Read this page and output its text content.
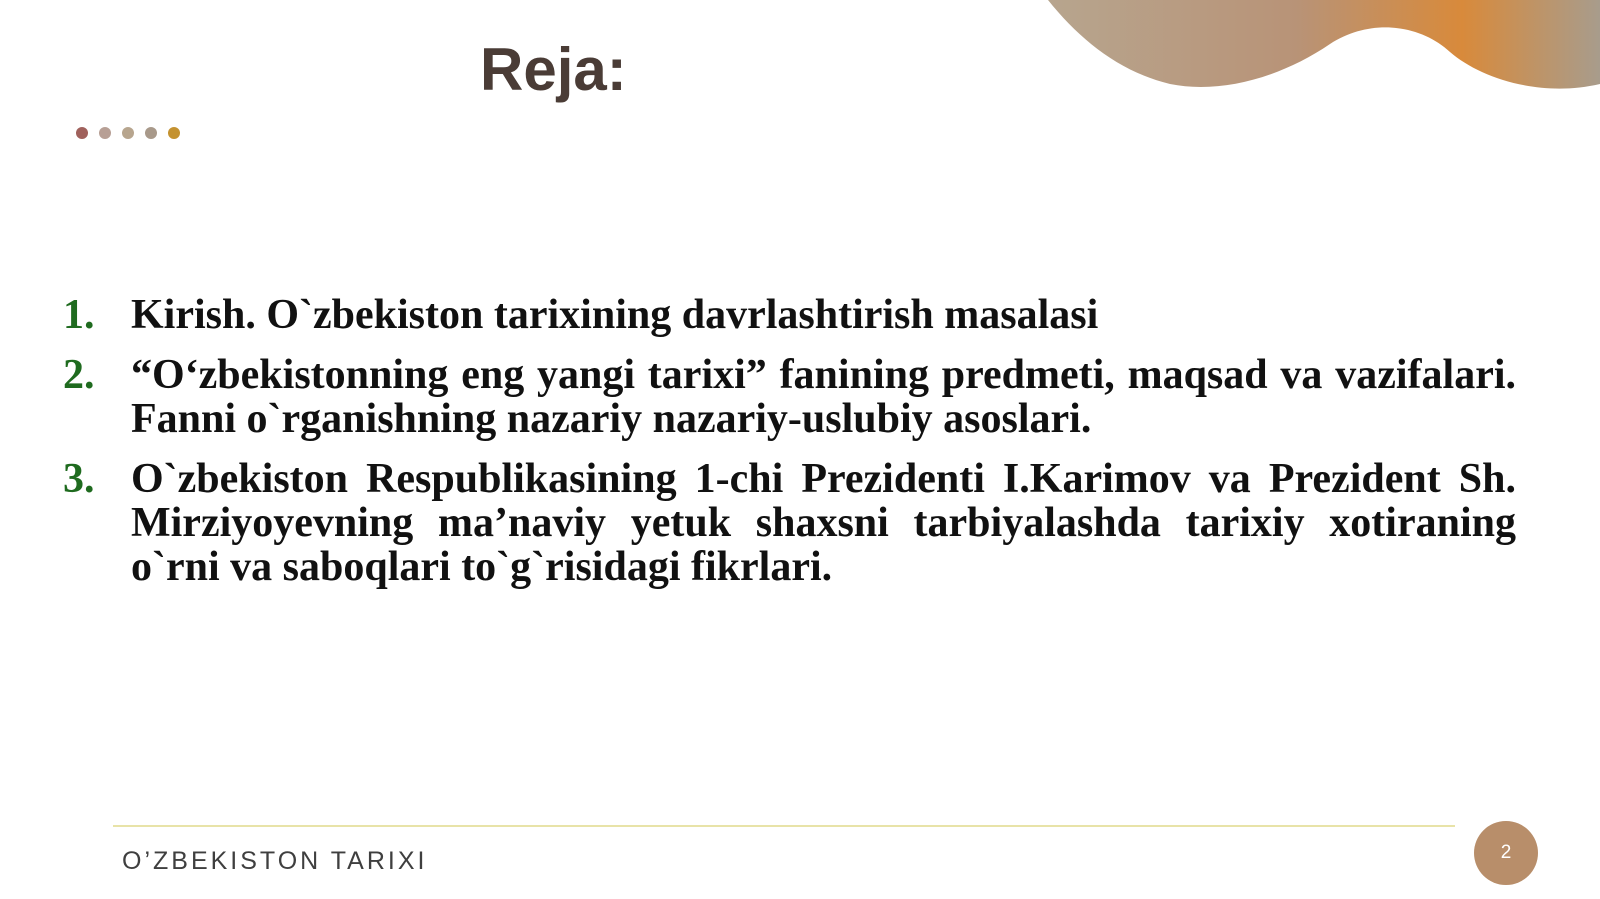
Reja:
1. Kirish. O`zbekiston tarixining davrlashtirish masalasi
2. “O‘zbekistonning eng yangi tarixi” fanining predmeti, maqsad va vazifalari. Fanni o`rganishning nazariy nazariy-uslubiy asoslari.
3. O`zbekiston Respublikasining 1-chi Prezidenti I.Karimov va Prezident Sh. Mirziyoyevning ma’naviy yetuk shaxsni tarbiyalashda tarixiy xotiraning o`rni va saboqlari to`g`risidagi fikrlari.
O’ZBEKISTON TARIXI	2
